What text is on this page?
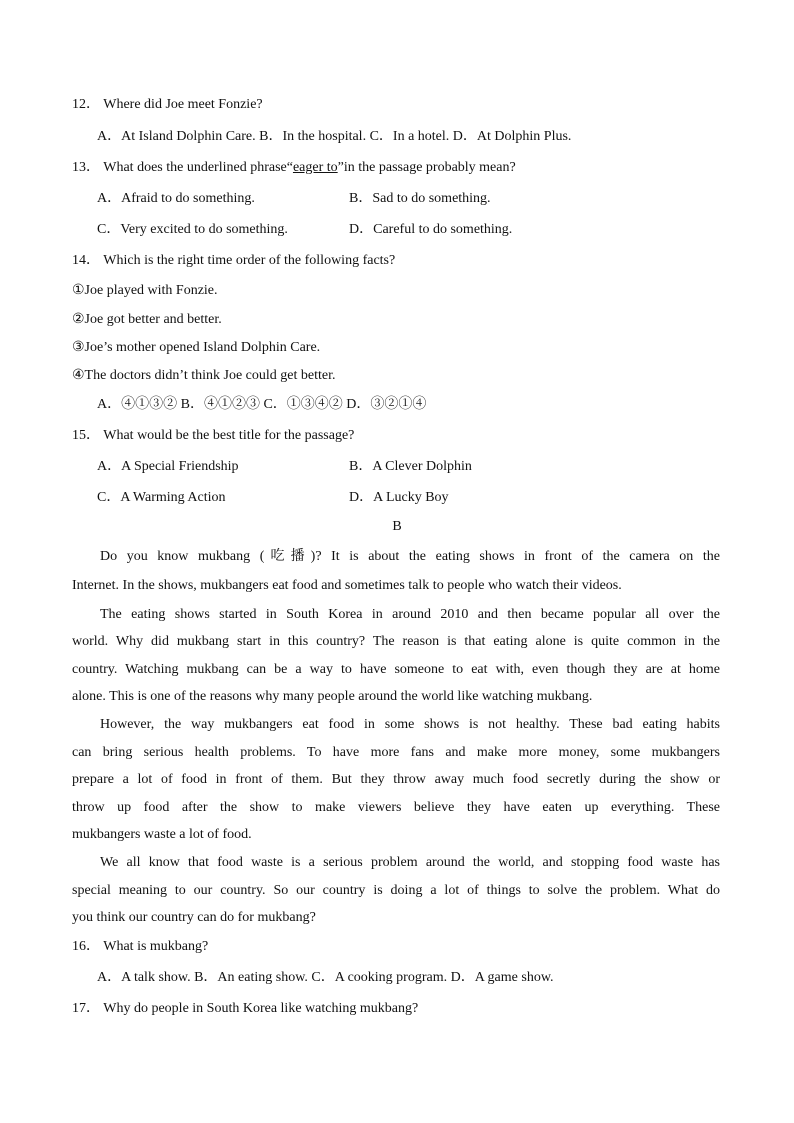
12． Where did Joe meet Fonzie?
A．At Island Dolphin Care. B．In the hospital. C．In a hotel. D．At Dolphin Plus.
13． What does the underlined phrase“eager to”in the passage probably mean?
A．Afraid to do something.	B．Sad to do something.
C．Very excited to do something.	D．Careful to do something.
14． Which is the right time order of the following facts?
①Joe played with Fonzie.
②Joe got better and better.
③Joe’s mother opened Island Dolphin Care.
④The doctors didn’t think Joe could get better.
A．④①③② B．④①②③ C．①③④② D．③②①④
15． What would be the best title for the passage?
A．A Special Friendship	B．A Clever Dolphin
C．A Warming Action	D．A Lucky Boy
B
Do you know mukbang (吃播)? It is about the eating shows in front of the camera on the
Internet. In the shows, mukbangers eat food and sometimes talk to people who watch their videos.
The eating shows started in South Korea in around 2010 and then became popular all over the
world. Why did mukbang start in this country? The reason is that eating alone is quite common in the
country. Watching mukbang can be a way to have someone to eat with, even though they are at home
alone. This is one of the reasons why many people around the world like watching mukbang.
However, the way mukbangers eat food in some shows is not healthy. These bad eating habits
can bring serious health problems. To have more fans and make more money, some mukbangers
prepare a lot of food in front of them. But they throw away much food secretly during the show or
throw up food after the show to make viewers believe they have eaten up everything. These
mukbangers waste a lot of food.
We all know that food waste is a serious problem around the world, and stopping food waste has
special meaning to our country. So our country is doing a lot of things to solve the problem. What do
you think our country can do for mukbang?
16． What is mukbang?
A．A talk show. B．An eating show. C．A cooking program. D．A game show.
17． Why do people in South Korea like watching mukbang?
